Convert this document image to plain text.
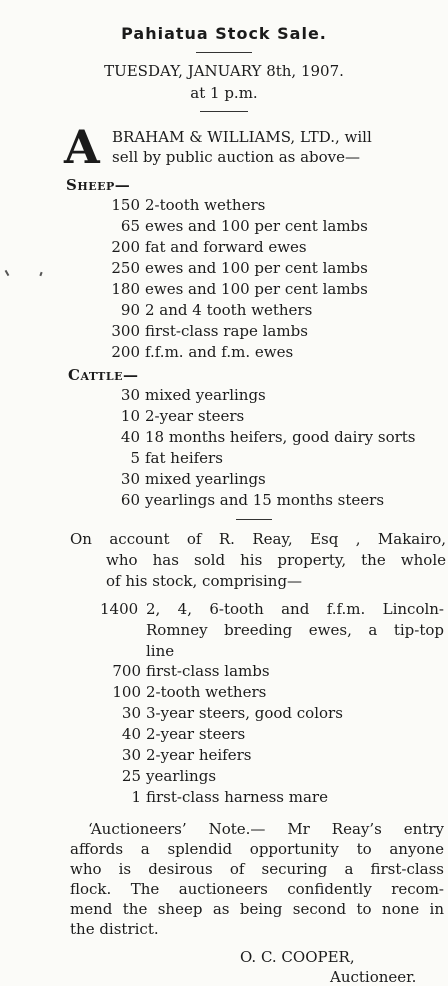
Pahiatua Stock Sale.
TUESDAY, JANUARY 8th, 1907.
at 1 p.m.
A BRAHAM & WILLIAMS, LTD., will
sell by public auction as above—
Sheep—
150 2-tooth wethers
65 ewes and 100 per cent lambs
200 fat and forward ewes
250 ewes and 100 per cent lambs
180 ewes and 100 per cent lambs
90 2 and 4 tooth wethers
300 first-class rape lambs
200 f.f.m. and f.m. ewes
Cattle—
30 mixed yearlings
10 2-year steers
40 18 months heifers, good dairy sorts
5 fat heifers
30 mixed yearlings
60 yearlings and 15 months steers
On account of R. Reay, Esq , Makairo,
who has sold his property, the whole
of his stock, comprising—
1400 2, 4, 6-tooth and f.f.m. Lincoln-
Romney breeding ewes, a tip-top
line
700 first-class lambs
100 2-tooth wethers
30 3-year steers, good colors
40 2-year steers
30 2-year heifers
25 yearlings
1 first-class harness mare
‘Auctioneers’ Note.— Mr Reay’s entry
affords a splendid opportunity to anyone
who is desirous of securing a first-class
flock. The auctioneers confidently recom-
mend the sheep as being second to none in
the district.
O. C. COOPER,
Auctioneer.
